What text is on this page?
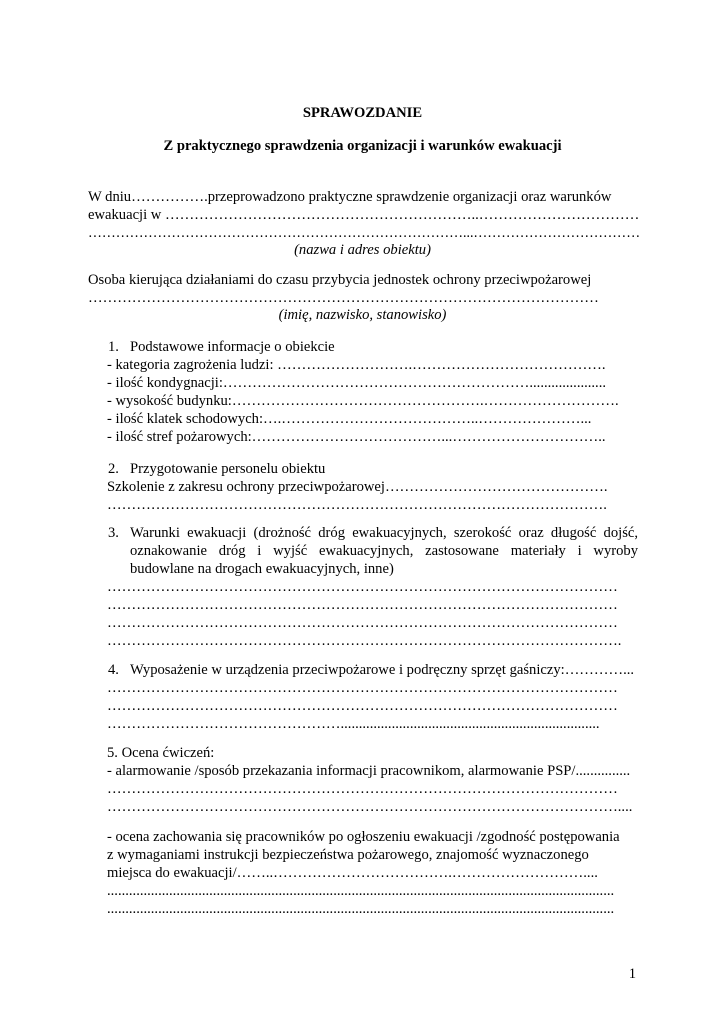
SPRAWOZDANIE
Z praktycznego sprawdzenia organizacji i warunków ewakuacji
W dniu…………….przeprowadzono praktyczne sprawdzenie organizacji oraz warunków
ewakuacji w ………………………………………………………..……………………………
………………………………………………………………………...………………………………
(nazwa i adres obiektu)
Osoba kierująca działaniami do czasu przybycia jednostek ochrony przeciwpożarowej
……………………………………………………………………………………………
(imię, nazwisko, stanowisko)
1. Podstawowe informacje o obiekcie
- kategoria zagrożenia ludzi: ……………………….………………………………….
- ilość kondygnacji:……………………………………………………….....................
- wysokość budynku:…………………………………………….……………………….
- ilość klatek schodowych:….…………………………………..…………………...
- ilość stref pożarowych:…………………………………...…………………………..
2. Przygotowanie personelu obiektu
Szkolenie z zakresu ochrony przeciwpożarowej……………………………………….
………………………………………………………………………………………….
3. Warunki ewakuacji (drożność dróg ewakuacyjnych, szerokość oraz długość dojść,
oznakowanie dróg i wyjść ewakuacyjnych, zastosowane materiały i wyroby
budowlane na drogach ewakuacyjnych, inne)
……………………………………………………………………………………………
……………………………………………………………………………………………
……………………………………………………………………………………………
…………………………………………………………………………………………….
4. Wyposażenie w urządzenia przeciwpożarowe i podręczny sprzęt gaśniczy:…………...
……………………………………………………………………………………………
……………………………………………………………………………………………
………………………………………….......................................................................
5. Ocena ćwiczeń:
- alarmowanie /sposób przekazania informacji pracownikom, alarmowanie PSP/...............
……………………………………………………………………………………………
……………………………………………………………………………………………....
- ocena zachowania się pracowników po ogłoszeniu ewakuacji /zgodność postępowania
z wymaganiami instrukcji bezpieczeństwa pożarowego, znajomość wyznaczonego
miejsca do ewakuacji/……..……………………………….………………………....
...........................................................................................................................................
...........................................................................................................................................
1
